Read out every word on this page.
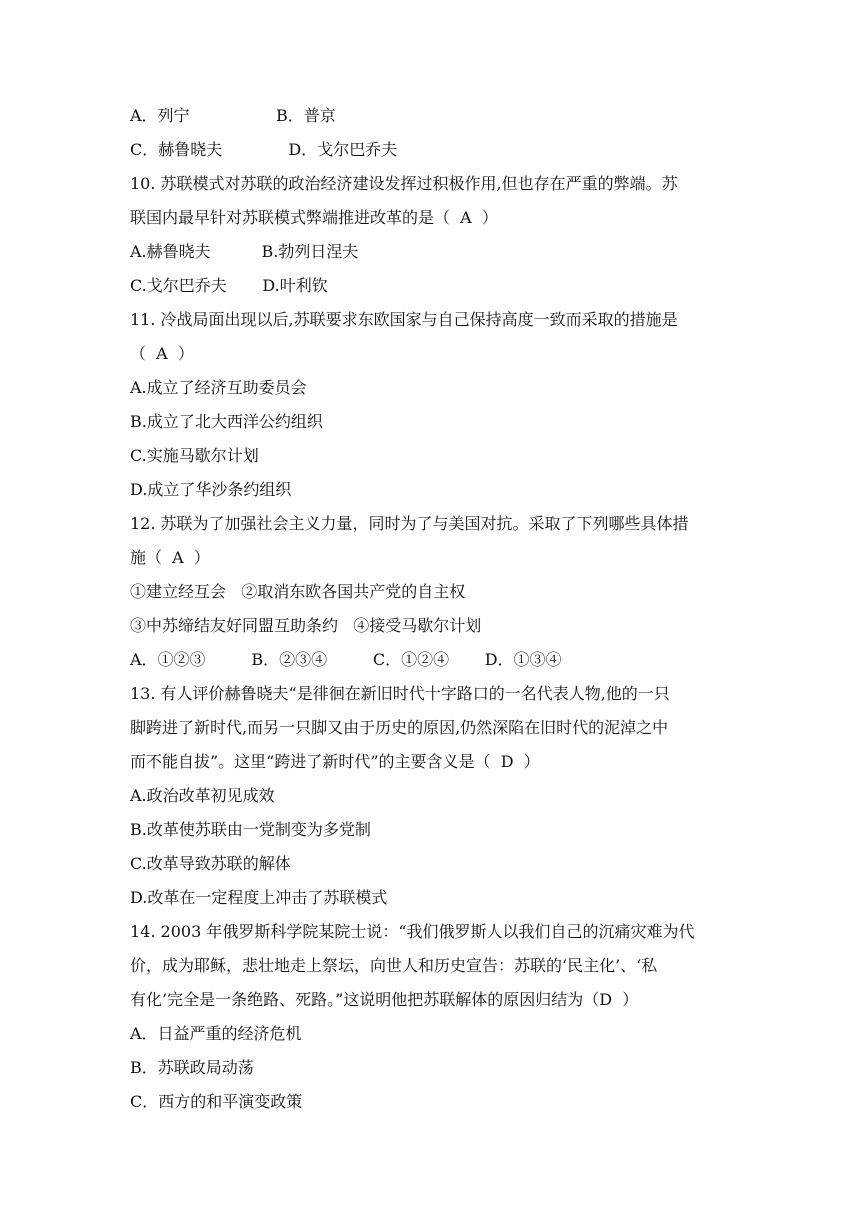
A．列宁                 B．普京
C．赫鲁晓夫             D．戈尔巴乔夫
10. 苏联模式对苏联的政治经济建设发挥过积极作用,但也存在严重的弊端。苏
联国内最早针对苏联模式弊端推进改革的是（  A  ）
A.赫鲁晓夫          B.勃列日涅夫
C.戈尔巴乔夫       D.叶利钦
11. 冷战局面出现以后,苏联要求东欧国家与自己保持高度一致而采取的措施是
（  A  ）
A.成立了经济互助委员会
B.成立了北大西洋公约组织
C.实施马歇尔计划
D.成立了华沙条约组织
12. 苏联为了加强社会主义力量，同时为了与美国对抗。采取了下列哪些具体措
施（  A  ）
①建立经互会   ②取消东欧各国共产党的自主权
③中苏缔结友好同盟互助条约   ④接受马歇尔计划
A．①②③         B．②③④         C．①②④       D．①③④
13. 有人评价赫鲁晓夫“是徘徊在新旧时代十字路口的一名代表人物,他的一只
脚跨进了新时代,而另一只脚又由于历史的原因,仍然深陷在旧时代的泥淖之中
而不能自拔”。这里“跨进了新时代”的主要含义是（  D  ）
A.政治改革初见成效
B.改革使苏联由一党制变为多党制
C.改革导致苏联的解体
D.改革在一定程度上冲击了苏联模式
14. 2003 年俄罗斯科学院某院士说：“我们俄罗斯人以我们自己的沉痛灾难为代
价，成为耶稣，悲壮地走上祭坛，向世人和历史宣告：苏联的‘民主化’、‘私
有化’完全是一条绝路、死路。”这说明他把苏联解体的原因归结为（D  ）
A．日益严重的经济危机
B．苏联政局动荡
C．西方的和平演变政策
